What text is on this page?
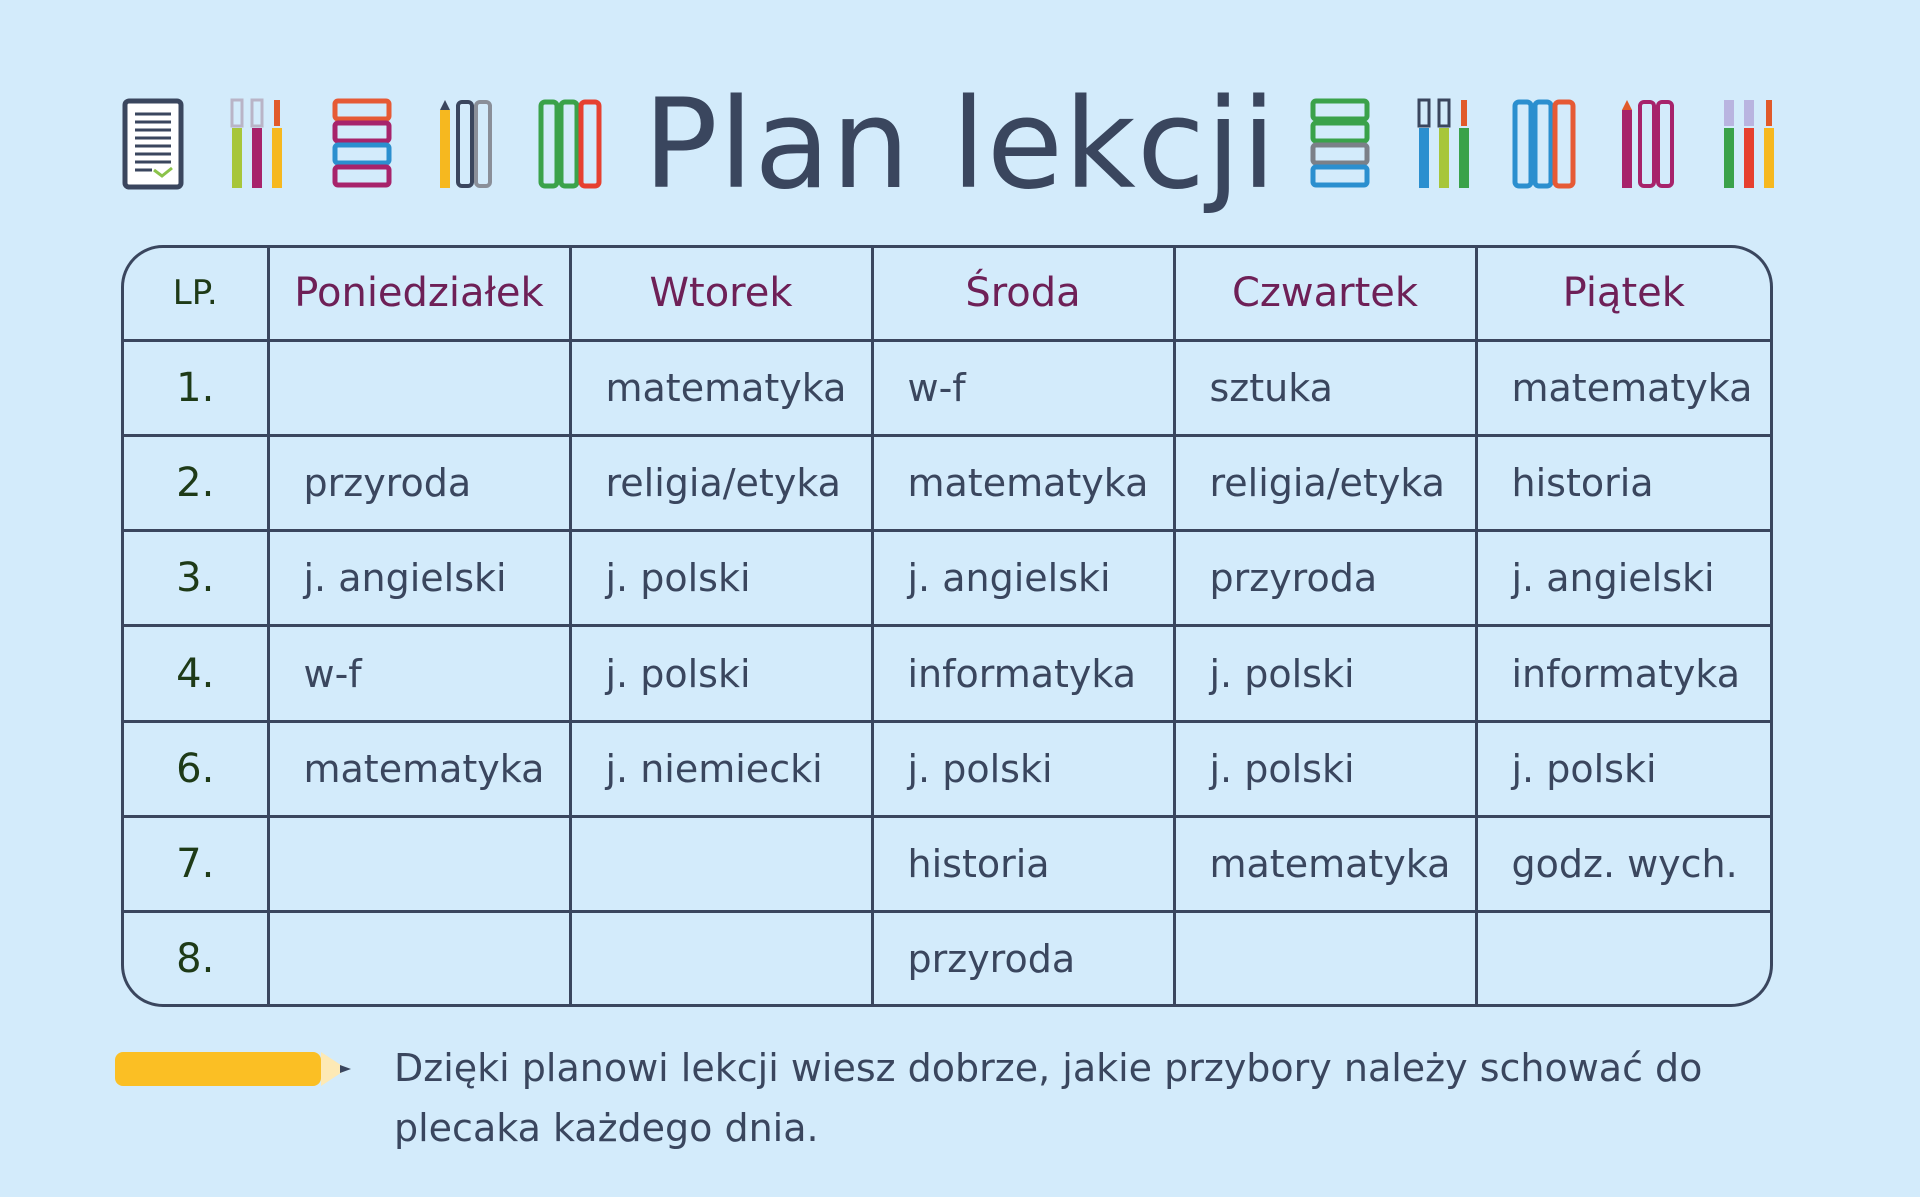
Plan lekcji
LP.	Poniedziałek	Wtorek	Środa	Czwartek	Piątek
1.		matematyka	w-f	sztuka	matematyka
2.	przyroda	religia/etyka	matematyka	religia/etyka	historia
3.	j. angielski	j. polski	j. angielski	przyroda	j. angielski
4.	w-f	j. polski	informatyka	j. polski	informatyka
6.	matematyka	j. niemiecki	j. polski	j. polski	j. polski
7.			historia	matematyka	godz. wych.
8.			przyroda		
Dzięki planowi lekcji wiesz dobrze, jakie przybory należy schować do plecaka każdego dnia.
